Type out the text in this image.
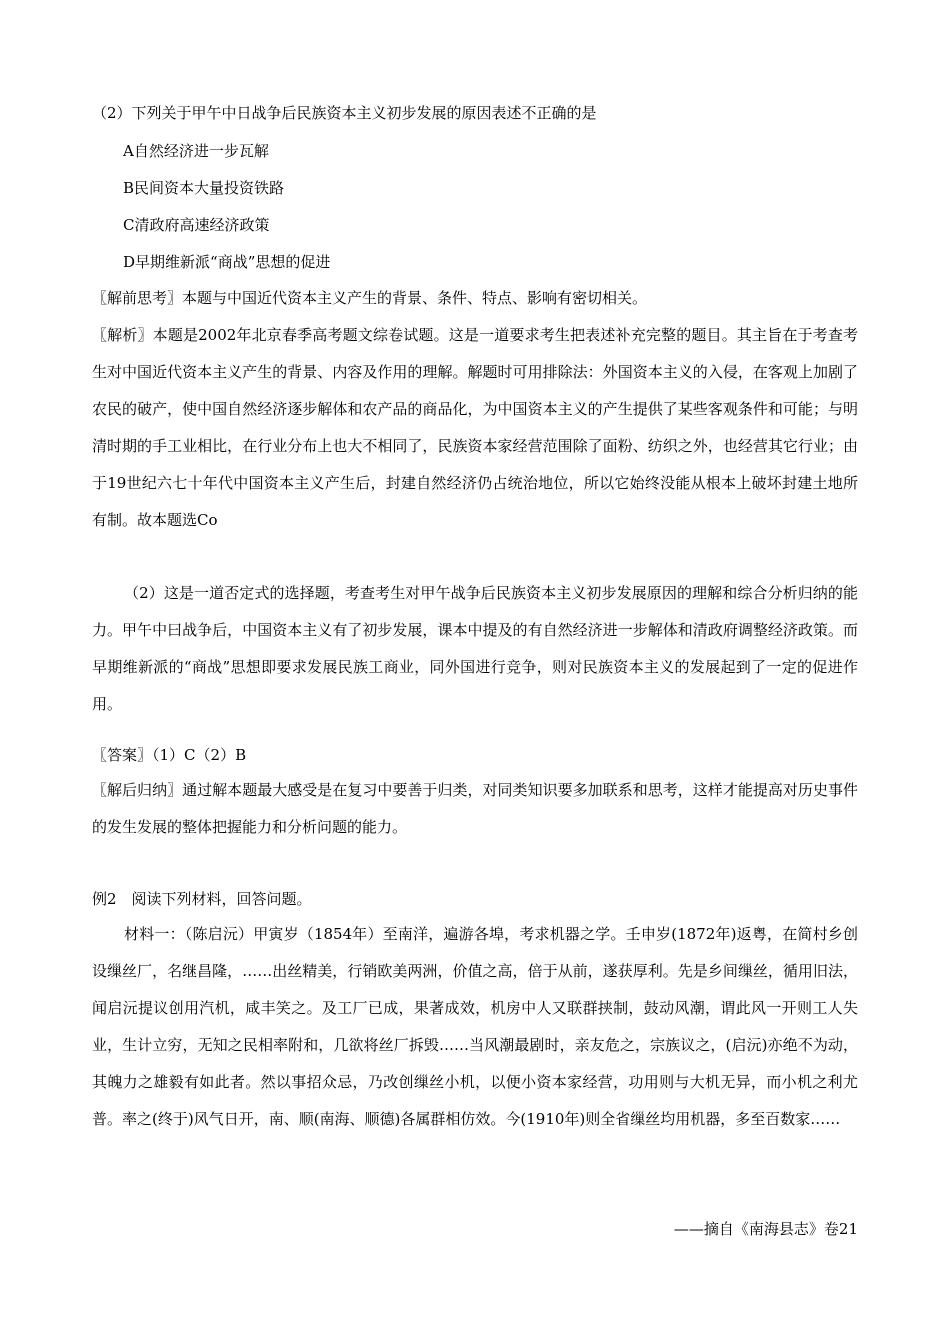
（2）下列关于甲午中日战争后民族资本主义初步发展的原因表述不正确的是
A自然经济进一步瓦解
B民间资本大量投资铁路
C清政府高速经济政策
D早期维新派“商战”思想的促进
〖解前思考〗本题与中国近代资本主义产生的背景、条件、特点、影响有密切相关。
〖解析〗本题是2002年北京春季高考题文综卷试题。这是一道要求考生把表述补充完整的题目。其主旨在于考查考生对中国近代资本主义产生的背景、内容及作用的理解。解题时可用排除法：外国资本主义的入侵，在客观上加剧了农民的破产，使中国自然经济逐步解体和农产品的商品化，为中国资本主义的产生提供了某些客观条件和可能；与明清时期的手工业相比，在行业分布上也大不相同了，民族资本家经营范围除了面粉、纺织之外，也经营其它行业；由于19世纪六七十年代中国资本主义产生后，封建自然经济仍占统治地位，所以它始终没能从根本上破坏封建土地所有制。故本题选Co
（2）这是一道否定式的选择题，考查考生对甲午战争后民族资本主义初步发展原因的理解和综合分析归纳的能力。甲午中曰战争后，中国资本主义有了初步发展，课本中提及的有自然经济进一步解体和清政府调整经济政策。而早期维新派的“商战”思想即要求发展民族工商业，同外国进行竞争，则对民族资本主义的发展起到了一定的促进作用。
〖答案〗（1）C（2）B
〖解后归纳〗通过解本题最大感受是在复习中要善于归类，对同类知识要多加联系和思考，这样才能提高对历史事件的发生发展的整体把握能力和分析问题的能力。
例2　阅读下列材料，回答问题。
材料一：（陈启沅）甲寅岁（1854年）至南洋，遍游各埠，考求机器之学。壬申岁(1872年)返粤，在简村乡创设缫丝厂，名继昌隆，……出丝精美，行销欧美两洲，价值之高，倍于从前，遂获厚利。先是乡间缫丝，循用旧法，闻启沅提议创用汽机，咸丰笑之。及工厂已成，果著成效，机房中人又联群挟制，鼓动风潮，谓此风一开则工人失业，生计立穷，无知之民相率附和，几欲将丝厂拆毁……当风潮最剧时，亲友危之，宗族议之，(启沅)亦绝不为动，其魄力之雄毅有如此者。然以事招众忌，乃改创缫丝小机，以便小资本家经营，功用则与大机无异，而小机之利尤普。率之(终于)风气日开，南、顺(南海、顺德)各属群相仿效。今(1910年)则全省缫丝均用机器，多至百数家……
——摘自《南海县志》卷21
